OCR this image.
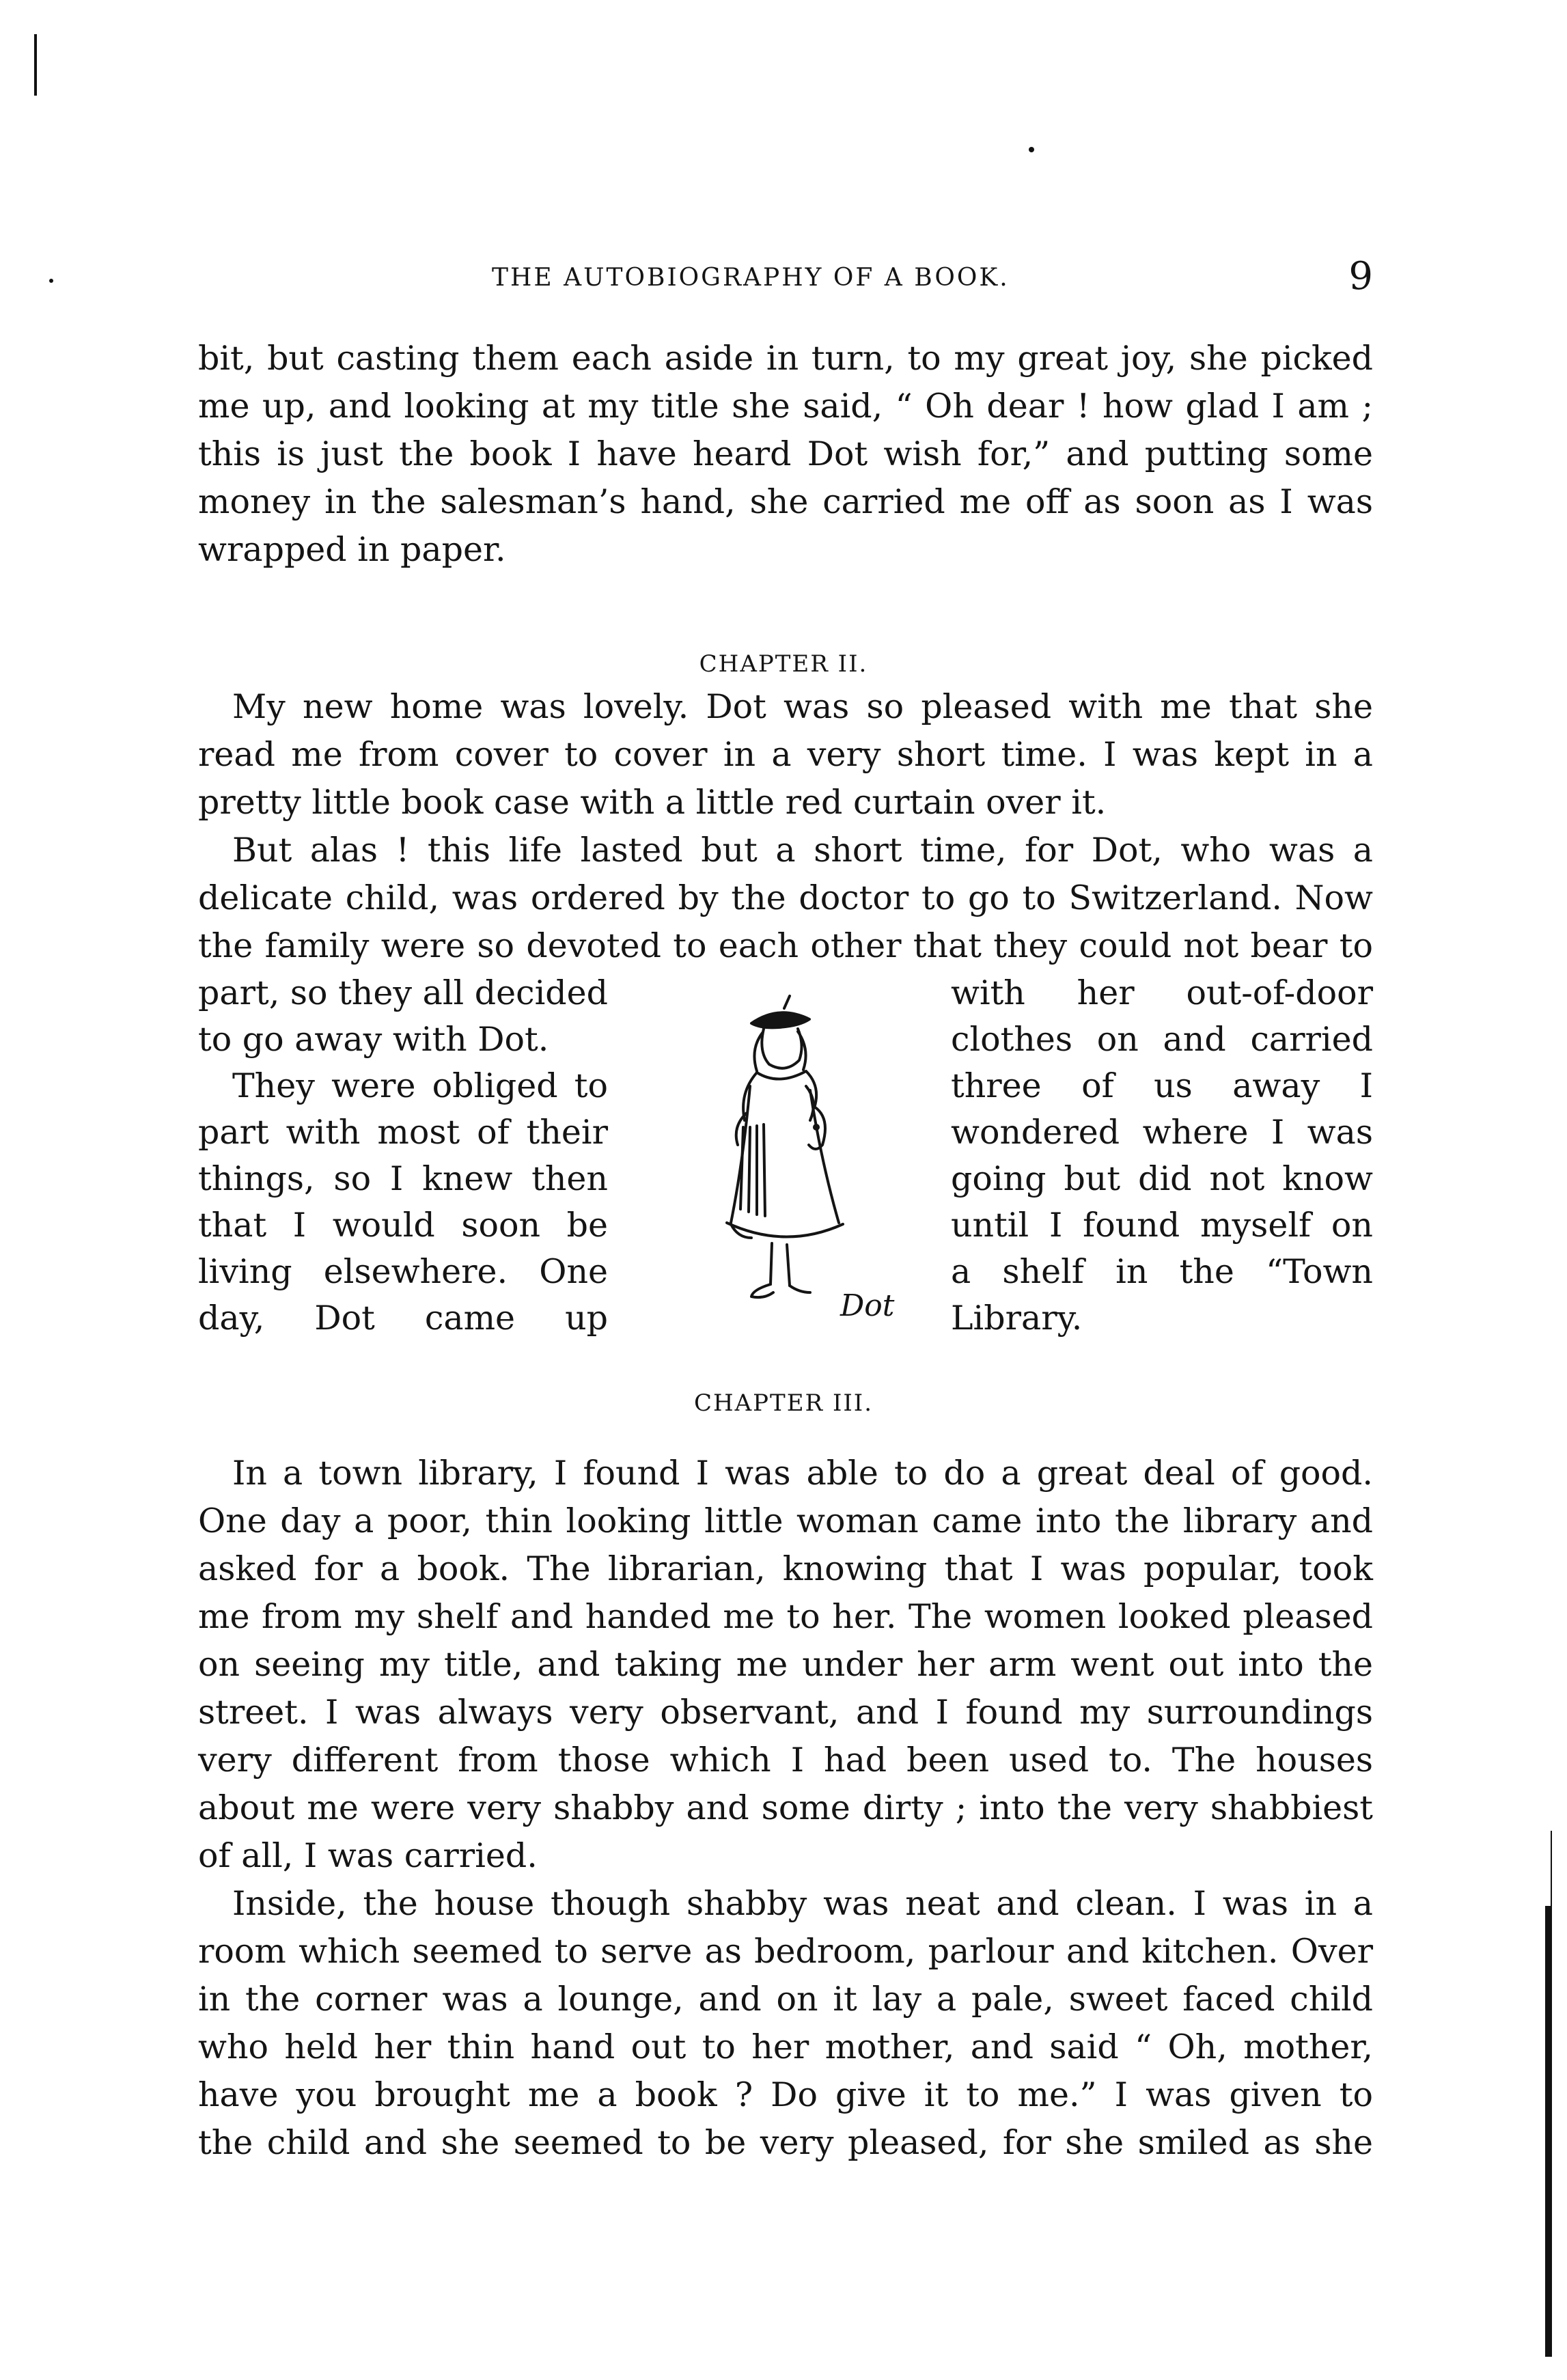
THE AUTOBIOGRAPHY OF A BOOK.	9
bit, but casting them each aside in turn, to my great joy, she picked
me up, and looking at my title she said, “ Oh dear ! how glad I am ;
this is just the book I have heard Dot wish for,” and putting some
money in the salesman’s hand, she carried me off as soon as I was
wrapped in paper.
CHAPTER II.
My new home was lovely. Dot was so pleased with me that she
read me from cover to cover in a very short time. I was kept in a
pretty little book case with a little red curtain over it.
But alas ! this life lasted but a short time, for Dot, who was a
delicate child, was ordered by the doctor to go to Switzerland. Now
the family were so devoted to each other that they could not bear to
part, so they all decided
to go away with Dot.
They were obliged to
part with most of their
things, so I knew then
that I would soon be
living elsewhere. One
day, Dot came up	Dot
with her out-of-door
clothes on and carried
three of us away I
wondered where I was
going but did not know
until I found myself on
a shelf in the “Town
Library.
CHAPTER III.
In a town library, I found I was able to do a great deal of good.
One day a poor, thin looking little woman came into the library and
asked for a book. The librarian, knowing that I was popular, took
me from my shelf and handed me to her. The women looked pleased
on seeing my title, and taking me under her arm went out into the
street. I was always very observant, and I found my surroundings
very different from those which I had been used to. The houses
about me were very shabby and some dirty ; into the very shabbiest
of all, I was carried.
Inside, the house though shabby was neat and clean. I was in a
room which seemed to serve as bedroom, parlour and kitchen. Over
in the corner was a lounge, and on it lay a pale, sweet faced child
who held her thin hand out to her mother, and said “ Oh, mother,
have you brought me a book ? Do give it to me.” I was given to
the child and she seemed to be very pleased, for she smiled as she
